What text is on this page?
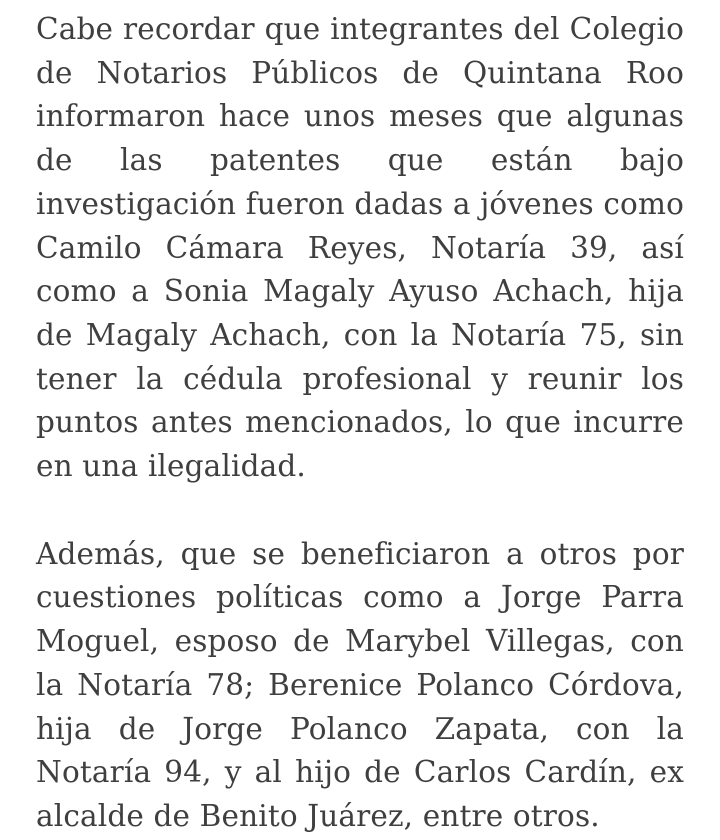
Cabe recordar que integrantes del Colegio de Notarios Públicos de Quintana Roo informaron hace unos meses que algunas de las patentes que están bajo investigación fueron dadas a jóvenes como Camilo Cámara Reyes, Notaría 39, así como a Sonia Magaly Ayuso Achach, hija de Magaly Achach, con la Notaría 75, sin tener la cédula profesional y reunir los puntos antes mencionados, lo que incurre en una ilegalidad.

Además, que se beneficiaron a otros por cuestiones políticas como a Jorge Parra Moguel, esposo de Marybel Villegas, con la Notaría 78; Berenice Polanco Córdova, hija de Jorge Polanco Zapata, con la Notaría 94, y al hijo de Carlos Cardín, ex alcalde de Benito Juárez, entre otros.
